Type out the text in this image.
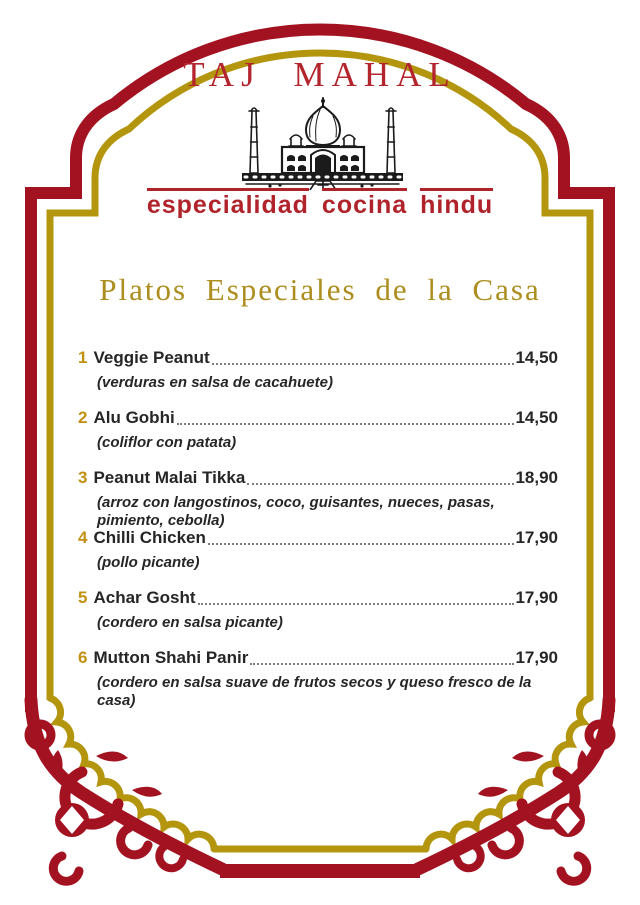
TAJ MAHAL
especialidad cocina hindu
Platos Especiales de la Casa
1 Veggie Peanut	14,50
(verduras en salsa de cacahuete)
2 Alu Gobhi	14,50
(coliflor con patata)
3 Peanut Malai Tikka	18,90
(arroz con langostinos, coco, guisantes, nueces, pasas, pimiento, cebolla)
4 Chilli Chicken	17,90
(pollo picante)
5 Achar Gosht	17,90
(cordero en salsa picante)
6 Mutton Shahi Panir	17,90
(cordero en salsa suave de frutos secos y queso fresco de la casa)
